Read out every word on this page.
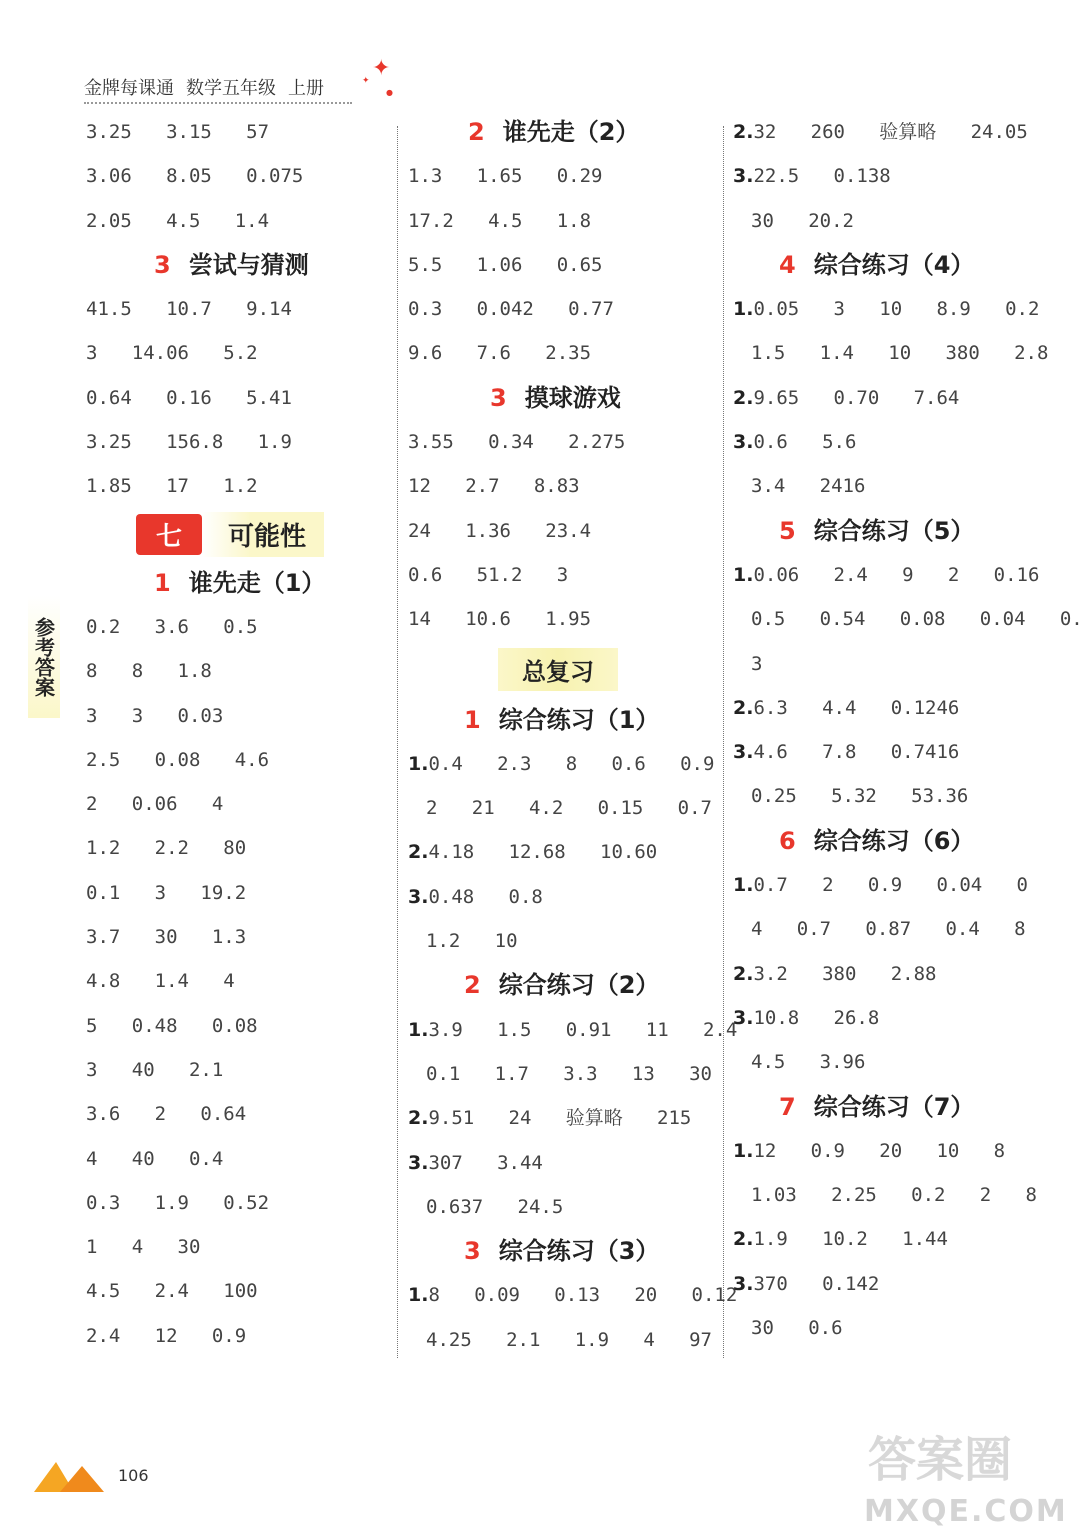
金牌每课通 数学五年级 上册
✦
✦
●
参考答案
3.25   3.15   57
3.06   8.05   0.075
2.05   4.5   1.4
3 尝试与猜测
41.5   10.7   9.14
3   14.06   5.2
0.64   0.16   5.41
3.25   156.8   1.9
1.85   17   1.2
七	可能性
1 谁先走（1）
0.2   3.6   0.5
8   8   1.8
3   3   0.03
2.5   0.08   4.6
2   0.06   4
1.2   2.2   80
0.1   3   19.2
3.7   30   1.3
4.8   1.4   4
5   0.48   0.08
3   40   2.1
3.6   2   0.64
4   40   0.4
0.3   1.9   0.52
1   4   30
4.5   2.4   100
2.4   12   0.9
2 谁先走（2）
1.3   1.65   0.29
17.2   4.5   1.8
5.5   1.06   0.65
0.3   0.042   0.77
9.6   7.6   2.35
3 摸球游戏
3.55   0.34   2.275
12   2.7   8.83
24   1.36   23.4
0.6   51.2   3
14   10.6   1.95
总复习
1 综合练习（1）
1.0.4   2.3   8   0.6   0.9
2   21   4.2   0.15   0.7
2.4.18   12.68   10.60
3.0.48   0.8
1.2   10
2 综合练习（2）
1.3.9   1.5   0.91   11   2.4
0.1   1.7   3.3   13   30
2.9.51   24   验算略   215
3.307   3.44
0.637   24.5
3 综合练习（3）
1.8   0.09   0.13   20   0.12
4.25   2.1   1.9   4   97
2.32   260   验算略   24.05
3.22.5   0.138
30   20.2
4 综合练习（4）
1.0.05   3   10   8.9   0.2
1.5   1.4   10   380   2.8
2.9.65   0.70   7.64
3.0.6   5.6
3.4   2416
5 综合练习（5）
1.0.06   2.4   9   2   0.16
0.5   0.54   0.08   0.04   0.
3
2.6.3   4.4   0.1246
3.4.6   7.8   0.7416
0.25   5.32   53.36
6 综合练习（6）
1.0.7   2   0.9   0.04   0
4   0.7   0.87   0.4   8
2.3.2   380   2.88
3.10.8   26.8
4.5   3.96
7 综合练习（7）
1.12   0.9   20   10   8
1.03   2.25   0.2   2   8
2.1.9   10.2   1.44
3.370   0.142
30   0.6
106	答案圈
MXQE.COM
